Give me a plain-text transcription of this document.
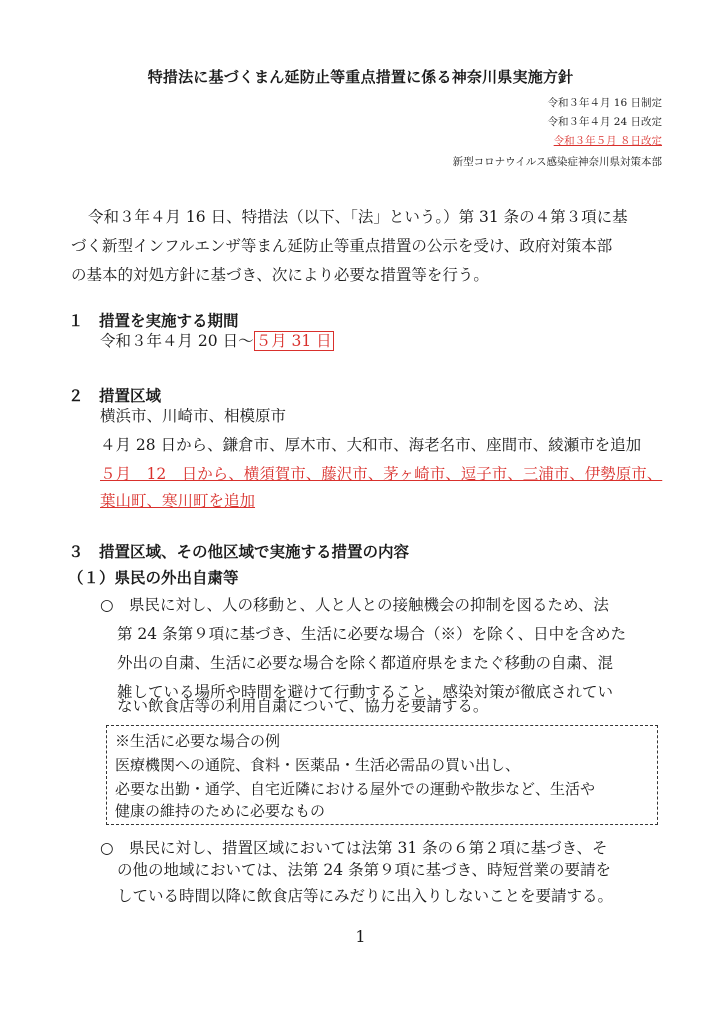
特措法に基づくまん延防止等重点措置に係る神奈川県実施方針
令和３年４月 16 日制定
令和３年４月 24 日改定
令和３年５月 ８日改定
新型コロナウイルス感染症神奈川県対策本部
令和３年４月 16 日、特措法（以下、「法」という。）第 31 条の４第３項に基
づく新型インフルエンザ等まん延防止等重点措置の公示を受け、政府対策本部
の基本的対処方針に基づき、次により必要な措置等を行う。
１　措置を実施する期間
令和３年４月 20 日～ ５月 31 日
２　措置区域
横浜市、川崎市、相模原市
４月 28 日から、鎌倉市、厚木市、大和市、海老名市、座間市、綾瀬市を追加
５月　12　日から、横須賀市、藤沢市、茅ヶ崎市、逗子市、三浦市、伊勢原市、
葉山町、寒川町を追加
３　措置区域、その他区域で実施する措置の内容
（１）県民の外出自粛等
○　県民に対し、人の移動と、人と人との接触機会の抑制を図るため、法
第 24 条第９項に基づき、生活に必要な場合（※）を除く、日中を含めた
外出の自粛、生活に必要な場合を除く都道府県をまたぐ移動の自粛、混
雑している場所や時間を避けて行動すること、感染対策が徹底されてい
ない飲食店等の利用自粛について、協力を要請する。
※生活に必要な場合の例
医療機関への通院、食料・医薬品・生活必需品の買い出し、
必要な出勤・通学、自宅近隣における屋外での運動や散歩など、生活や
健康の維持のために必要なもの
○　県民に対し、措置区域においては法第 31 条の６第２項に基づき、そ
の他の地域においては、法第 24 条第９項に基づき、時短営業の要請を
している時間以降に飲食店等にみだりに出入りしないことを要請する。
1
